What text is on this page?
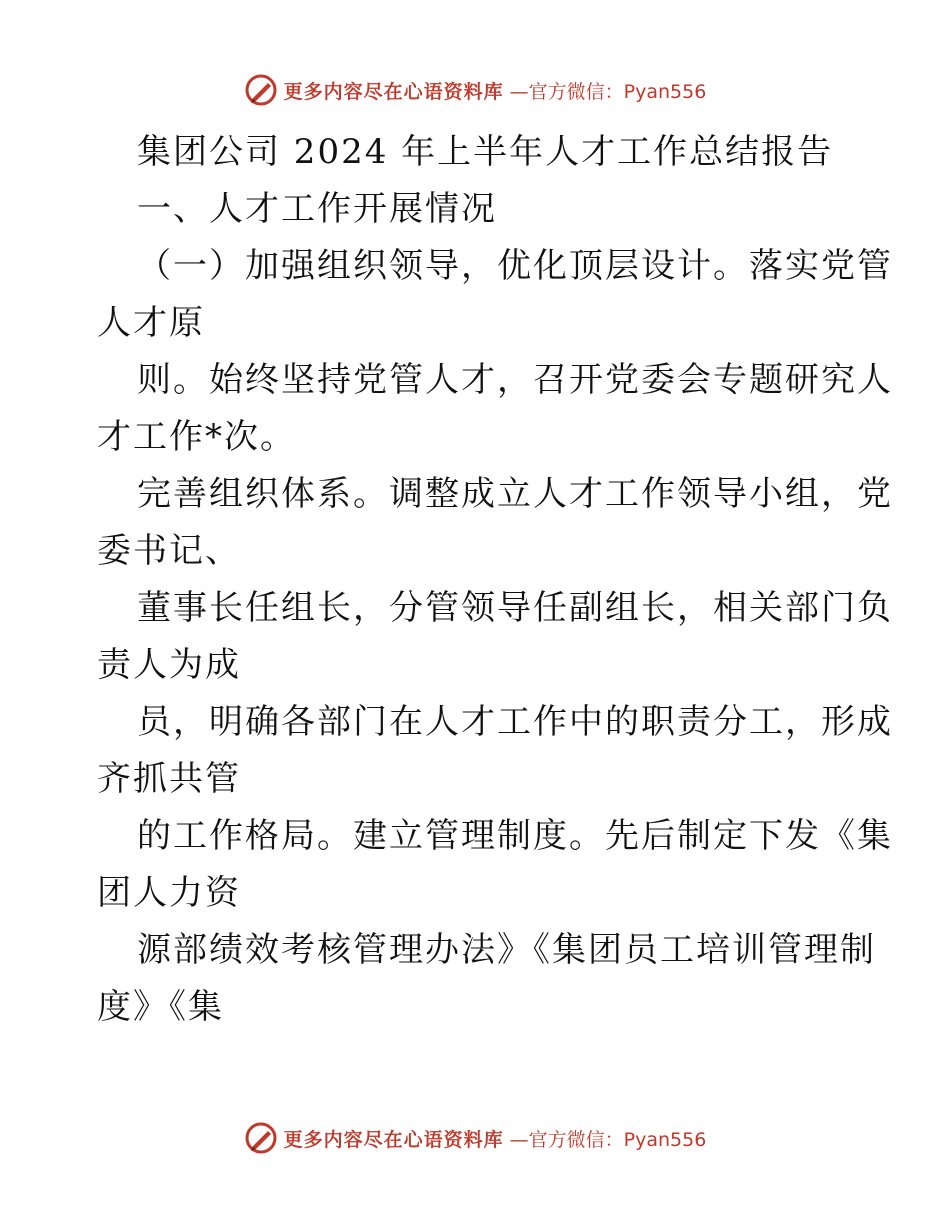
更多内容尽在心语资料库 —官方微信：Pyan556

集团公司 2024 年上半年人才工作总结报告

一、人才工作开展情况

（一）加强组织领导，优化顶层设计。落实党管

人才原

则。始终坚持党管人才，召开党委会专题研究人

才工作*次。

完善组织体系。调整成立人才工作领导小组，党

委书记、

董事长任组长，分管领导任副组长，相关部门负

责人为成

员，明确各部门在人才工作中的职责分工，形成

齐抓共管

的工作格局。建立管理制度。先后制定下发《集

团人力资

源部绩效考核管理办法》《集团员工培训管理制

度》《集

更多内容尽在心语资料库 —官方微信：Pyan556
